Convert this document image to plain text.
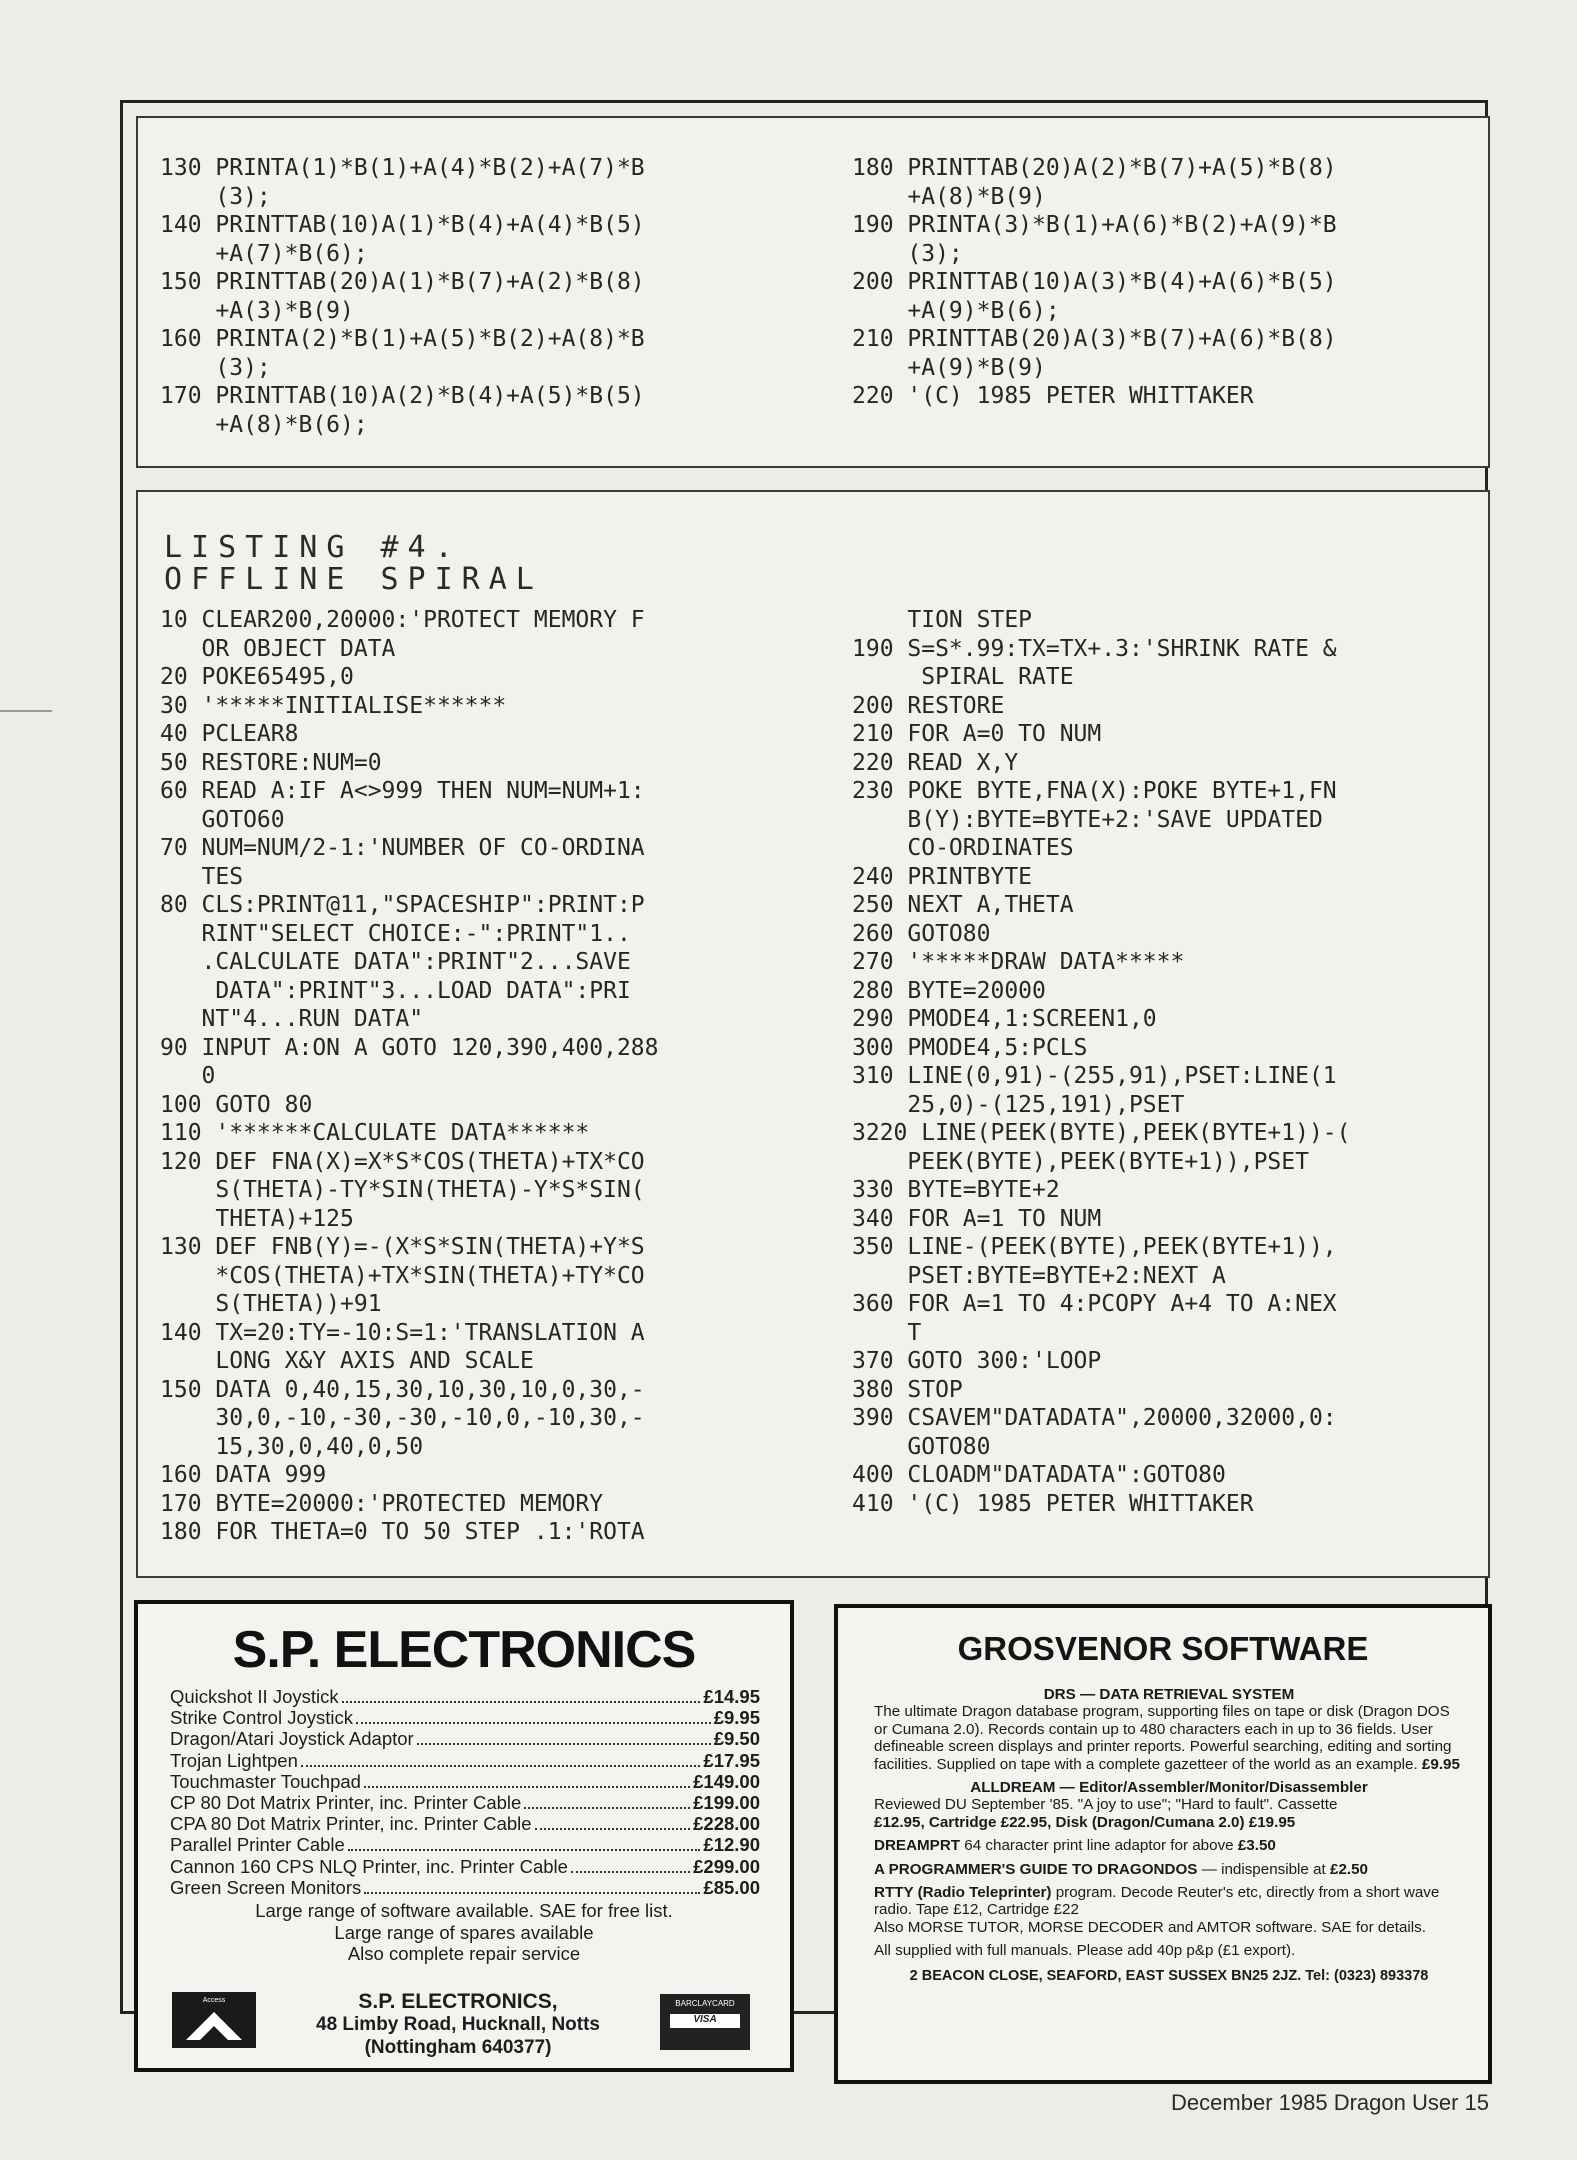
130 PRINTA(1)*B(1)+A(4)*B(2)+A(7)*B
(3);
140 PRINTTAB(10)A(1)*B(4)+A(4)*B(5)
+A(7)*B(6);
150 PRINTTAB(20)A(1)*B(7)+A(2)*B(8)
+A(3)*B(9)
160 PRINTA(2)*B(1)+A(5)*B(2)+A(8)*B
(3);
170 PRINTTAB(10)A(2)*B(4)+A(5)*B(5)
+A(8)*B(6);
180 PRINTTAB(20)A(2)*B(7)+A(5)*B(8)
+A(8)*B(9)
190 PRINTA(3)*B(1)+A(6)*B(2)+A(9)*B
(3);
200 PRINTTAB(10)A(3)*B(4)+A(6)*B(5)
+A(9)*B(6);
210 PRINTTAB(20)A(3)*B(7)+A(6)*B(8)
+A(9)*B(9)
220 '(C) 1985 PETER WHITTAKER
LISTING #4.
OFFLINE SPIRAL
10 CLEAR200,20000:'PROTECT MEMORY F
OR OBJECT DATA
20 POKE65495,0
30 '*****INITIALISE******
40 PCLEAR8
50 RESTORE:NUM=0
60 READ A:IF A<>999 THEN NUM=NUM+1:
GOTO60
70 NUM=NUM/2-1:'NUMBER OF CO-ORDINA
TES
80 CLS:PRINT@11,"SPACESHIP":PRINT:P
RINT"SELECT CHOICE:-":PRINT"1..
.CALCULATE DATA":PRINT"2...SAVE
DATA":PRINT"3...LOAD DATA":PRI
NT"4...RUN DATA"
90 INPUT A:ON A GOTO 120,390,400,288
0
100 GOTO 80
110 '******CALCULATE DATA******
120 DEF FNA(X)=X*S*COS(THETA)+TX*CO
S(THETA)-TY*SIN(THETA)-Y*S*SIN(
THETA)+125
130 DEF FNB(Y)=-(X*S*SIN(THETA)+Y*S
*COS(THETA)+TX*SIN(THETA)+TY*CO
S(THETA))+91
140 TX=20:TY=-10:S=1:'TRANSLATION A
LONG X&Y AXIS AND SCALE
150 DATA 0,40,15,30,10,30,10,0,30,-
30,0,-10,-30,-30,-10,0,-10,30,-
15,30,0,40,0,50
160 DATA 999
170 BYTE=20000:'PROTECTED MEMORY
180 FOR THETA=0 TO 50 STEP .1:'ROTA
TION STEP
190 S=S*.99:TX=TX+.3:'SHRINK RATE &
SPIRAL RATE
200 RESTORE
210 FOR A=0 TO NUM
220 READ X,Y
230 POKE BYTE,FNA(X):POKE BYTE+1,FN
B(Y):BYTE=BYTE+2:'SAVE UPDATED
CO-ORDINATES
240 PRINTBYTE
250 NEXT A,THETA
260 GOTO80
270 '*****DRAW DATA*****
280 BYTE=20000
290 PMODE4,1:SCREEN1,0
300 PMODE4,5:PCLS
310 LINE(0,91)-(255,91),PSET:LINE(1
25,0)-(125,191),PSET
3220 LINE(PEEK(BYTE),PEEK(BYTE+1))-(
PEEK(BYTE),PEEK(BYTE+1)),PSET
330 BYTE=BYTE+2
340 FOR A=1 TO NUM
350 LINE-(PEEK(BYTE),PEEK(BYTE+1)),
PSET:BYTE=BYTE+2:NEXT A
360 FOR A=1 TO 4:PCOPY A+4 TO A:NEX
T
370 GOTO 300:'LOOP
380 STOP
390 CSAVEM"DATADATA",20000,32000,0:
GOTO80
400 CLOADM"DATADATA":GOTO80
410 '(C) 1985 PETER WHITTAKER
S.P. ELECTRONICS
Quickshot II Joystick	£14.95
Strike Control Joystick	£9.95
Dragon/Atari Joystick Adaptor	£9.50
Trojan Lightpen	£17.95
Touchmaster Touchpad	£149.00
CP 80 Dot Matrix Printer, inc. Printer Cable	£199.00
CPA 80 Dot Matrix Printer, inc. Printer Cable	£228.00
Parallel Printer Cable	£12.90
Cannon 160 CPS NLQ Printer, inc. Printer Cable	£299.00
Green Screen Monitors	£85.00
Large range of software available. SAE for free list.
Large range of spares available
Also complete repair service
S.P. ELECTRONICS,
48 Limby Road, Hucknall, Notts
(Nottingham 640377)
Access	BARCLAYCARD
VISA
GROSVENOR SOFTWARE
DRS — DATA RETRIEVAL SYSTEM

The ultimate Dragon database program, supporting files on tape or disk (Dragon DOS or Cumana 2.0). Records contain up to 480 characters each in up to 36 fields. User defineable screen displays and printer reports. Powerful searching, editing and sorting facilities. Supplied on tape with a complete gazetteer of the world as an example. £9.95

ALLDREAM — Editor/Assembler/Monitor/Disassembler

Reviewed DU September '85. "A joy to use"; "Hard to fault". Cassette
£12.95, Cartridge £22.95, Disk (Dragon/Cumana 2.0) £19.95

DREAMPRT 64 character print line adaptor for above £3.50

A PROGRAMMER'S GUIDE TO DRAGONDOS — indispensible at £2.50

RTTY (Radio Teleprinter) program. Decode Reuter's etc, directly from a short wave radio. Tape £12, Cartridge £22
Also MORSE TUTOR, MORSE DECODER and AMTOR software. SAE for details.

All supplied with full manuals. Please add 40p p&p (£1 export).

2 BEACON CLOSE, SEAFORD, EAST SUSSEX BN25 2JZ. Tel: (0323) 893378
December 1985 Dragon User 15
